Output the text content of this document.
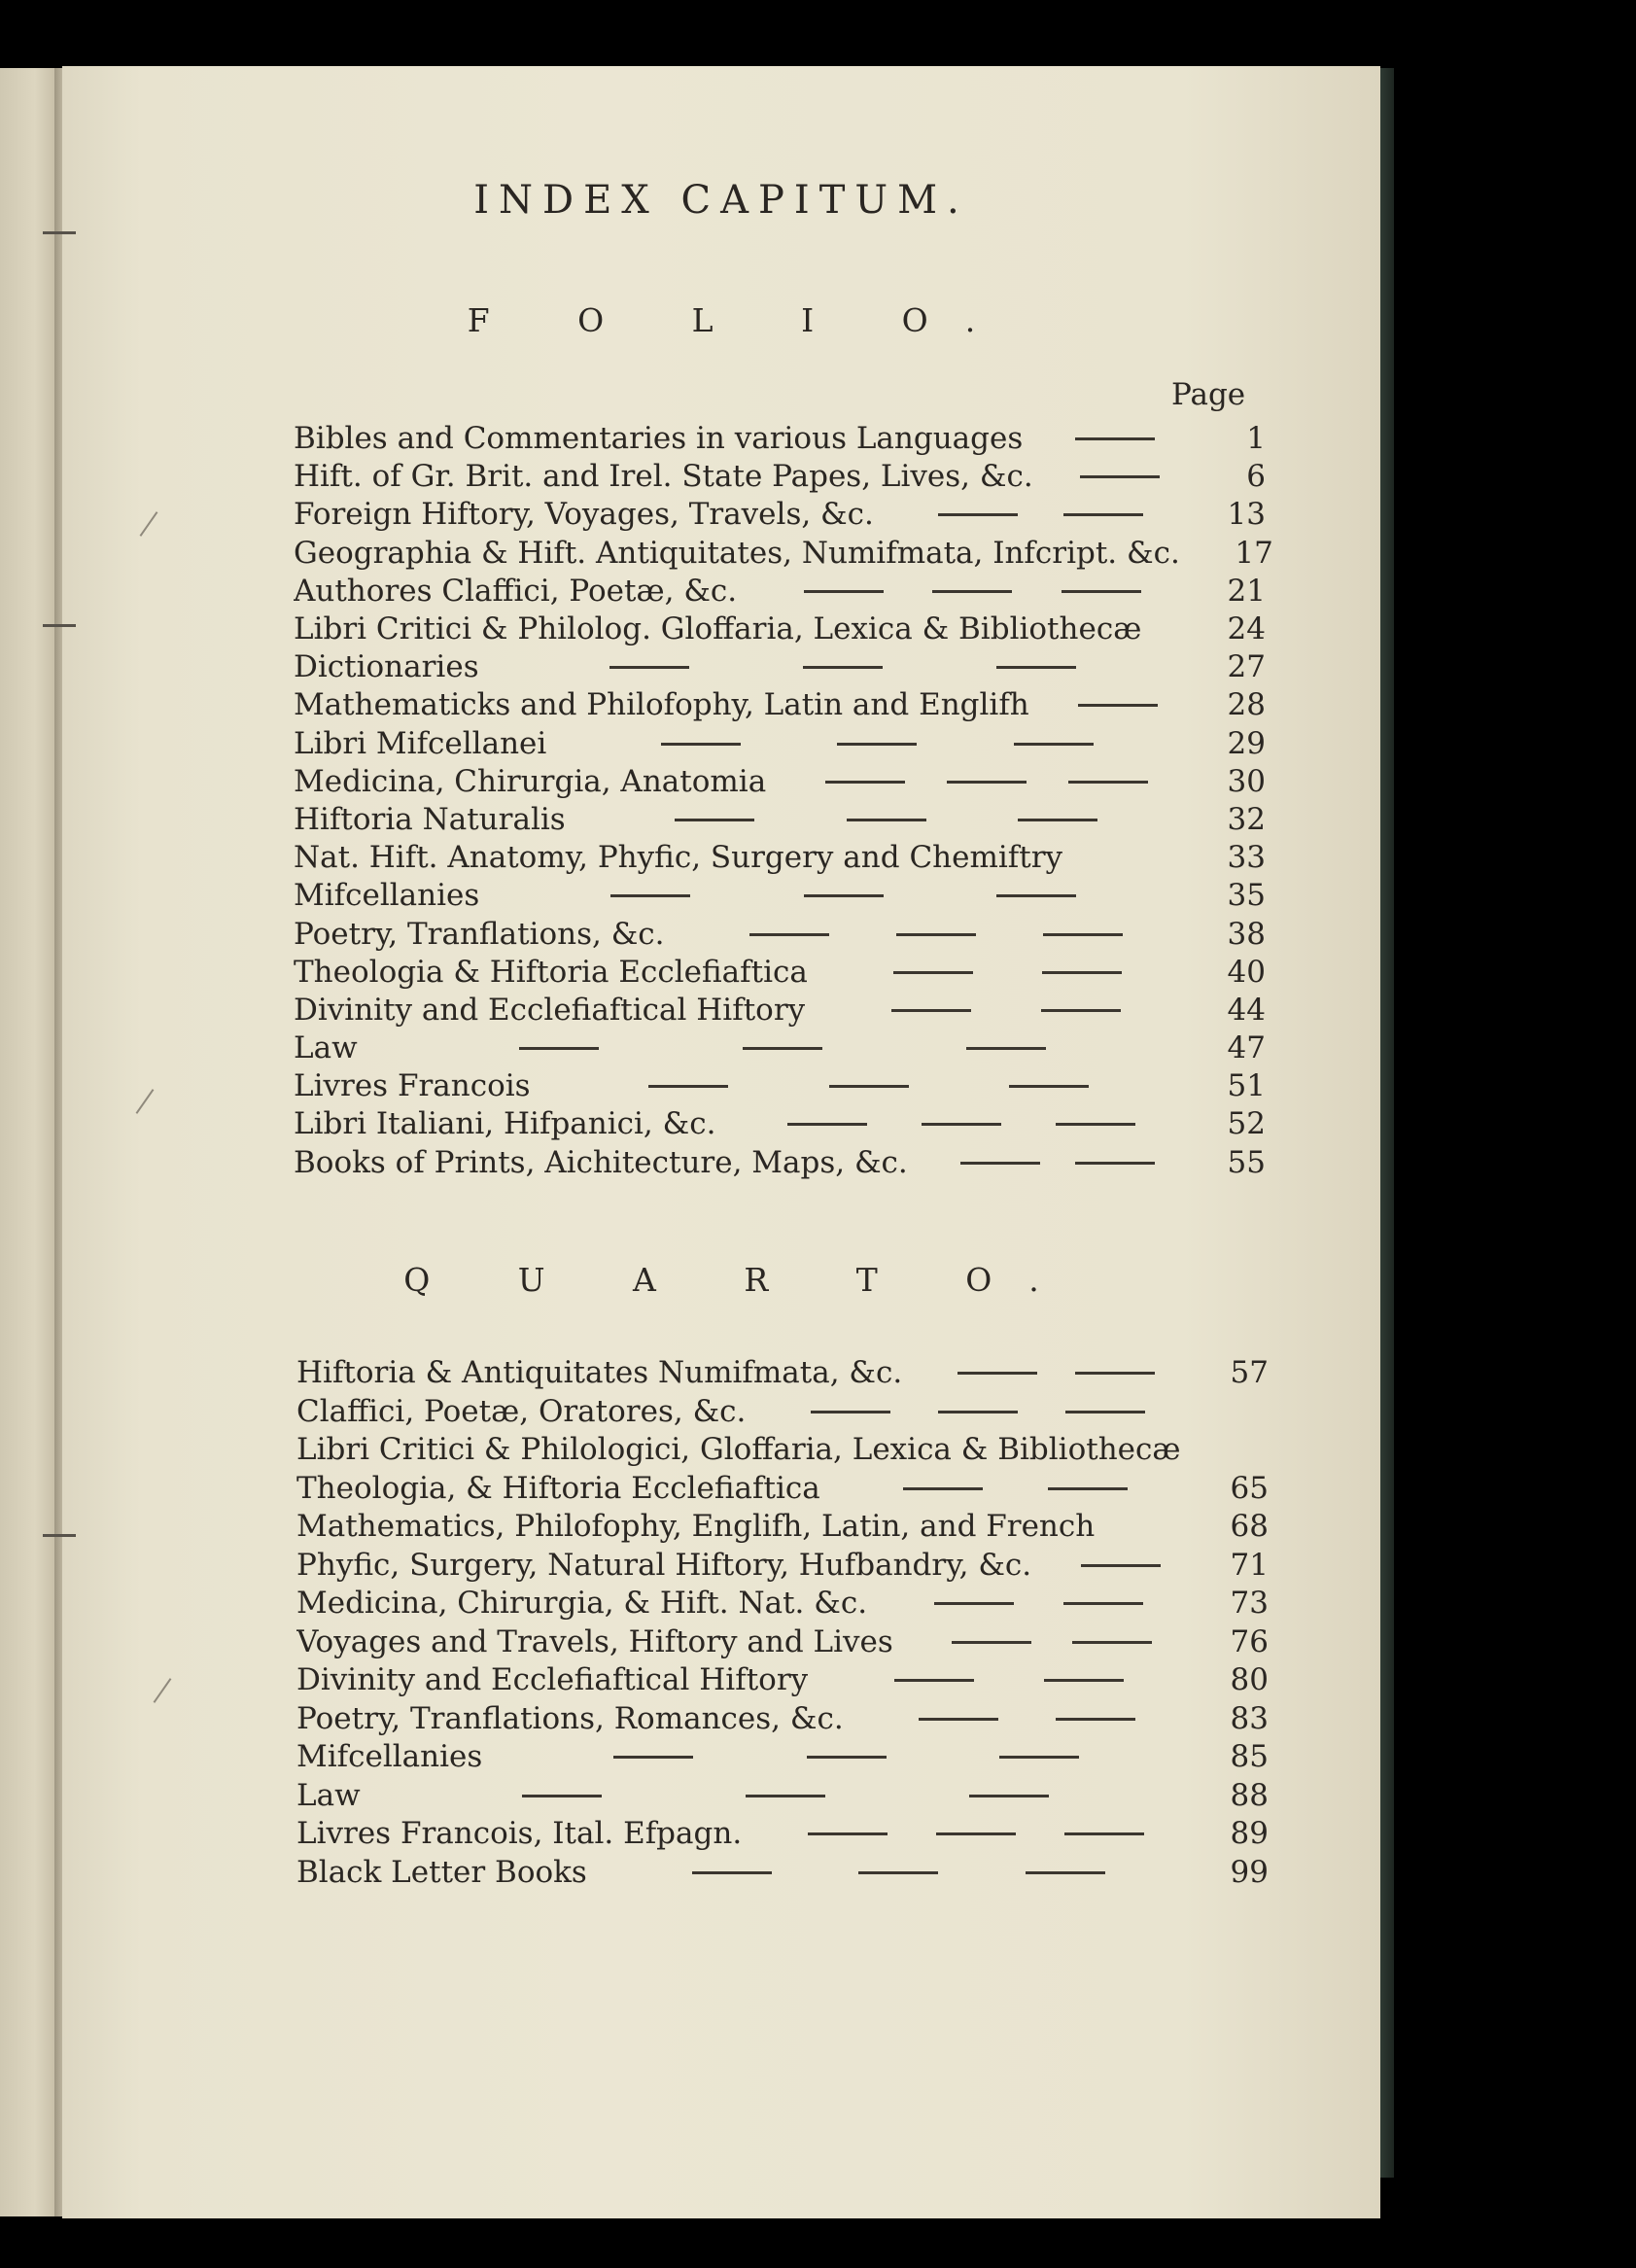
INDEX CAPITUM.
F O L I O.
Page
Bibles and Commentaries in various Languages	1
Hift. of Gr. Brit. and Irel. State Papes, Lives, &c.	6
Foreign Hiftory, Voyages, Travels, &c.	13
Geographia & Hift. Antiquitates, Numifmata, Infcript. &c.	17
Authores Claffici, Poetæ, &c.	21
Libri Critici & Philolog. Gloffaria, Lexica & Bibliothecæ	24
Dictionaries	27
Mathematicks and Philofophy, Latin and Englifh	28
Libri Mifcellanei	29
Medicina, Chirurgia, Anatomia	30
Hiftoria Naturalis	32
Nat. Hift. Anatomy, Phyfic, Surgery and Chemiftry	33
Mifcellanies	35
Poetry, Tranflations, &c.	38
Theologia & Hiftoria Ecclefiaftica	40
Divinity and Ecclefiaftical Hiftory	44
Law	47
Livres Francois	51
Libri Italiani, Hifpanici, &c.	52
Books of Prints, Aichitecture, Maps, &c.	55
Q U A R T O.
Hiftoria & Antiquitates Numifmata, &c.	57
Claffici, Poetæ, Oratores, &c.
Libri Critici & Philologici, Gloffaria, Lexica & Bibliothecæ
Theologia, & Hiftoria Ecclefiaftica	65
Mathematics, Philofophy, Englifh, Latin, and French	68
Phyfic, Surgery, Natural Hiftory, Hufbandry, &c.	71
Medicina, Chirurgia, & Hift. Nat. &c.	73
Voyages and Travels, Hiftory and Lives	76
Divinity and Ecclefiaftical Hiftory	80
Poetry, Tranflations, Romances, &c.	83
Mifcellanies	85
Law	88
Livres Francois, Ital. Efpagn.	89
Black Letter Books	99
